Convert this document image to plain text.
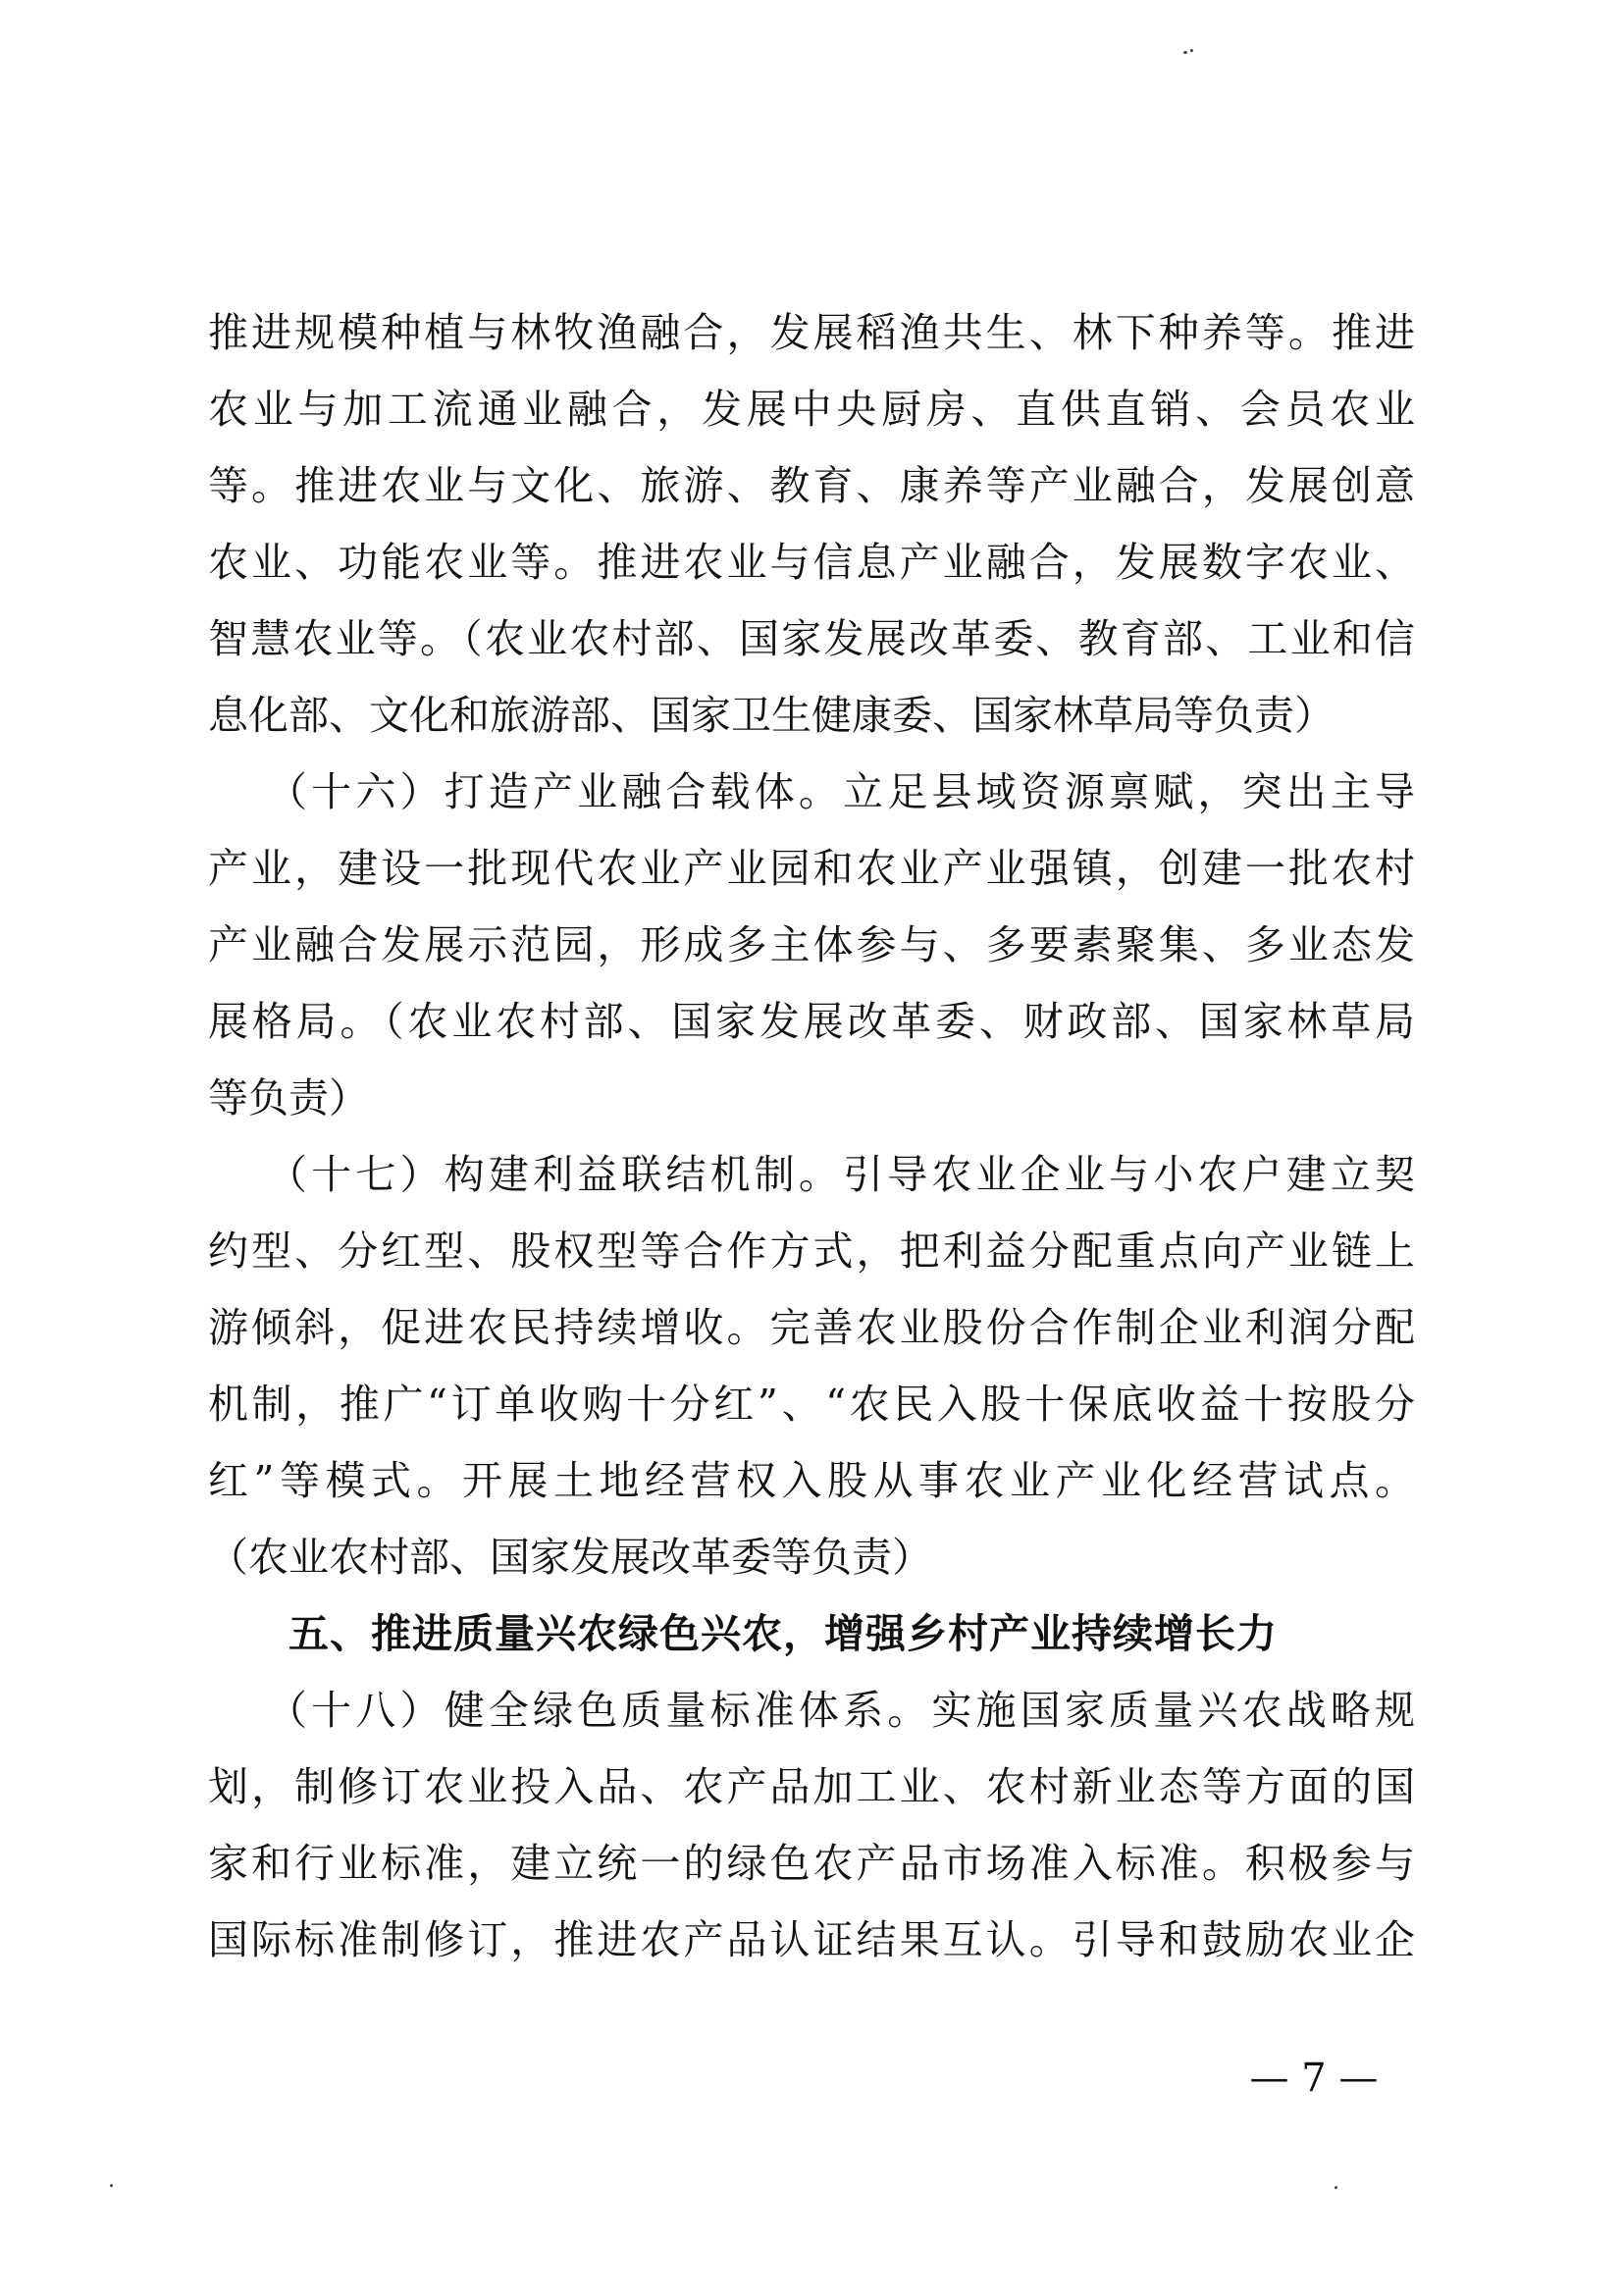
推进规模种植与林牧渔融合，发展稻渔共生、林下种养等。推进
农业与加工流通业融合，发展中央厨房、直供直销、会员农业
等。推进农业与文化、旅游、教育、康养等产业融合，发展创意
农业、功能农业等。推进农业与信息产业融合，发展数字农业、
智慧农业等。（农业农村部、国家发展改革委、教育部、工业和信
息化部、文化和旅游部、国家卫生健康委、国家林草局等负责）
（十六）打造产业融合载体。立足县域资源禀赋，突出主导
产业，建设一批现代农业产业园和农业产业强镇，创建一批农村
产业融合发展示范园，形成多主体参与、多要素聚集、多业态发
展格局。（农业农村部、国家发展改革委、财政部、国家林草局
等负责）
（十七）构建利益联结机制。引导农业企业与小农户建立契
约型、分红型、股权型等合作方式，把利益分配重点向产业链上
游倾斜，促进农民持续增收。完善农业股份合作制企业利润分配
机制，推广“订单收购十分红”、“农民入股十保底收益十按股分
红”等模式。开展土地经营权入股从事农业产业化经营试点。
（农业农村部、国家发展改革委等负责）
五、推进质量兴农绿色兴农，增强乡村产业持续增长力
（十八）健全绿色质量标准体系。实施国家质量兴农战略规
划，制修订农业投入品、农产品加工业、农村新业态等方面的国
家和行业标准，建立统一的绿色农产品市场准入标准。积极参与
国际标准制修订，推进农产品认证结果互认。引导和鼓励农业企
— 7 —
